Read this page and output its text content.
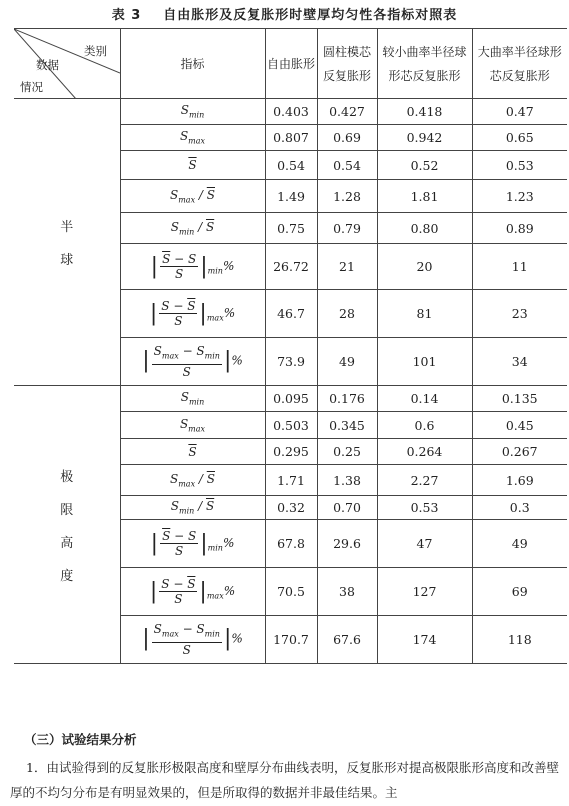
表 3 自由胀形及反复胀形时壁厚均匀性各指标对照表
类别
数据
情况	指标	自由胀形	圆柱模芯反复胀形	较小曲率半径球形芯反复胀形	大曲率半径球形芯反复胀形

半
球	$S_{min}$	0.403	0.427	0.418	0.47
	$S_{max}$	0.807	0.69	0.942	0.65
	$\overline{S}$	0.54	0.54	0.52	0.53
	$S_{max} / \overline{S}$	1.49	1.28	1.81	1.23
	$S_{min} / \overline{S}$	0.75	0.79	0.80	0.89
	| $\frac{\overline{S} - S}{S} |_{min}\%$	26.72	21	20	11
	| $\frac{S - \overline{S}}{S} |_{max}\%$	46.7	28	81	23
	| $\frac{S_{max} - S_{min}}{S}$ |%	73.9	49	101	34

极
限
高
度	$S_{min}$	0.095	0.176	0.14	0.135
	$S_{max}$	0.503	0.345	0.6	0.45
	$\overline{S}$	0.295	0.25	0.264	0.267
	$S_{max} / \overline{S}$	1.71	1.38	2.27	1.69
	$S_{min} / \overline{S}$	0.32	0.70	0.53	0.3
	| $\frac{\overline{S} - S}{S} |_{min}\%$	67.8	29.6	47	49
	| $\frac{S - \overline{S}}{S} |_{max}\%$	70.5	38	127	69
	| $\frac{S_{max} - S_{min}}{S}$ |%	170.7	67.6	174	118
（三）试验结果分析

1．由试验得到的反复胀形极限高度和壁厚分布曲线表明，反复胀形对提高极限胀形高度和改善壁厚的不均匀分布是有明显效果的，但是所取得的数据并非最佳结果。主
